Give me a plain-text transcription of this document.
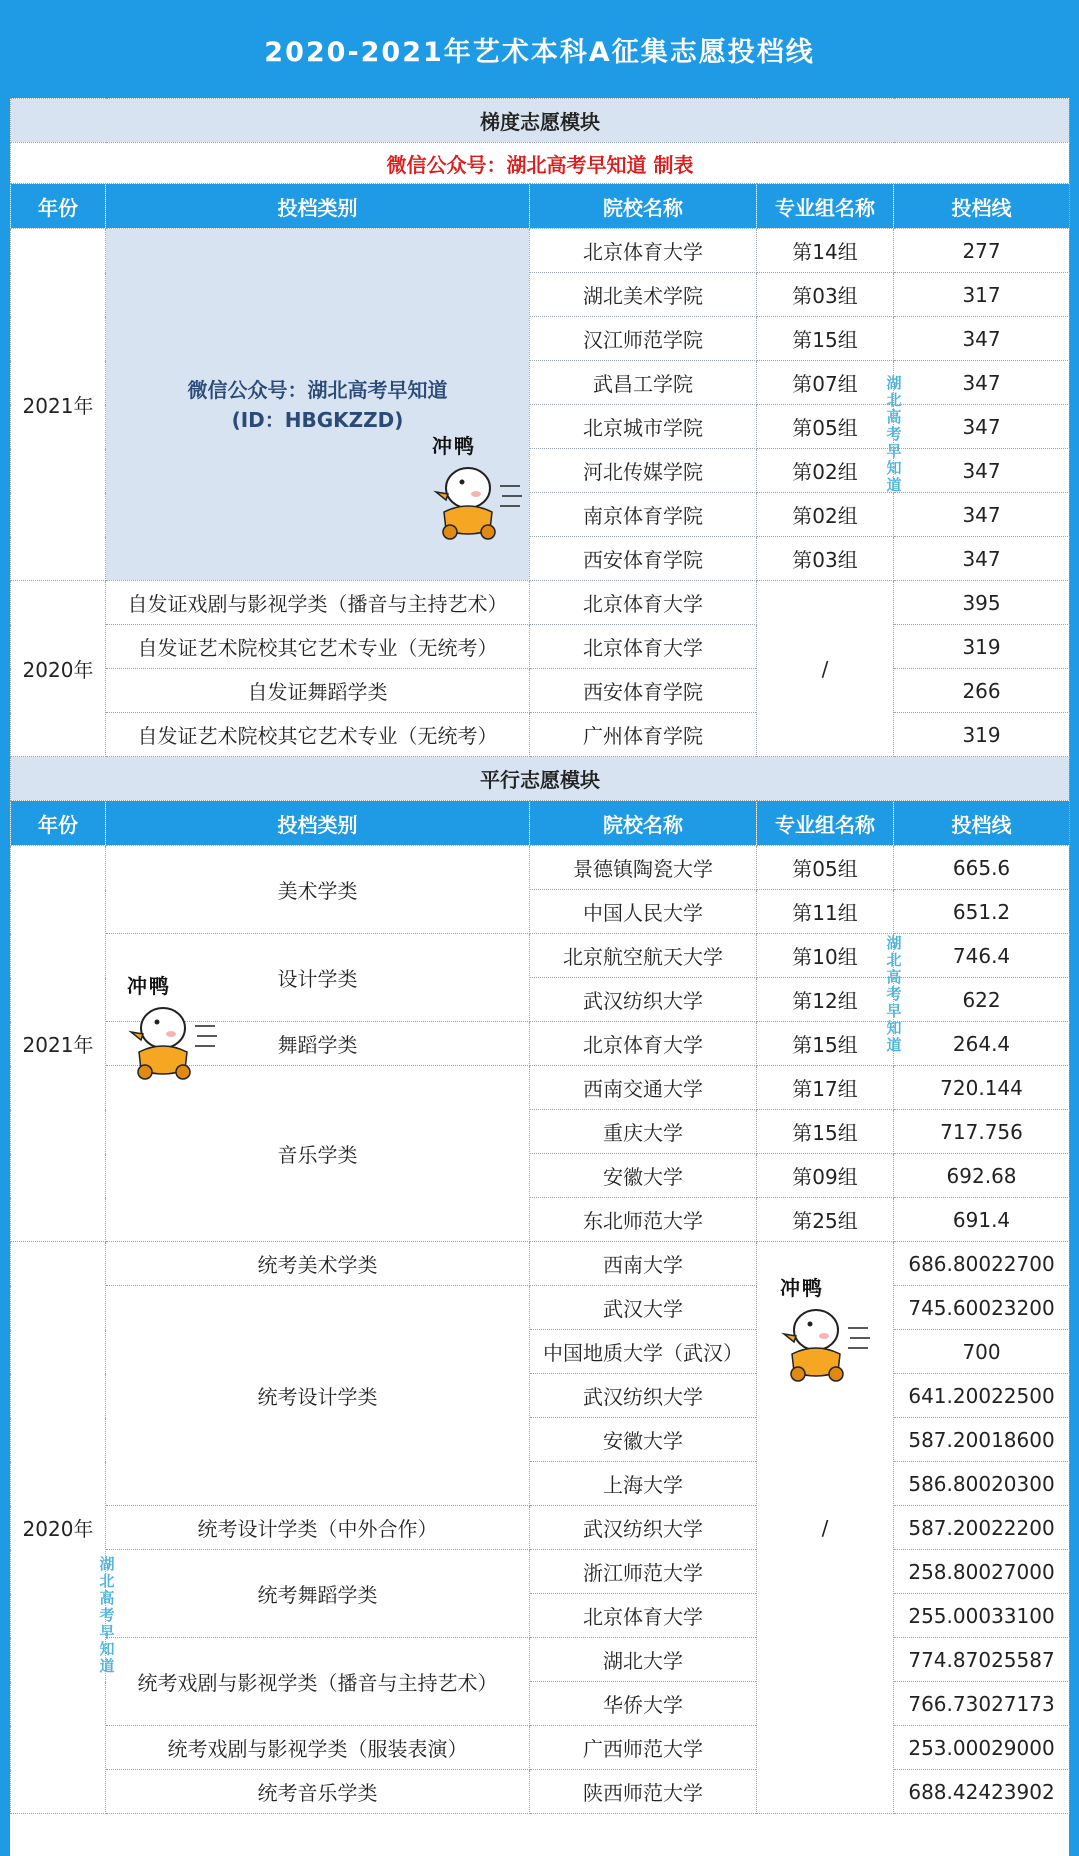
2020-2021年艺术本科A征集志愿投档线
梯度志愿模块				
微信公众号：湖北高考早知道 制表				
年份	投档类别	院校名称	专业组名称	投档线
2021年	微信公众号：湖北高考早知道
(ID：HBGKZZD)	北京体育大学	第14组	277
		湖北美术学院	第03组	317
		汉江师范学院	第15组	347
		武昌工学院	第07组	347
		北京城市学院	第05组	347
		河北传媒学院	第02组	347
		南京体育学院	第02组	347
		西安体育学院	第03组	347
2020年	自发证戏剧与影视学类（播音与主持艺术）	北京体育大学	/	395
	自发证艺术院校其它艺术专业（无统考）	北京体育大学		319
	自发证舞蹈学类	西安体育学院		266
	自发证艺术院校其它艺术专业（无统考）	广州体育学院		319
平行志愿模块				
年份	投档类别	院校名称	专业组名称	投档线
2021年	美术学类	景德镇陶瓷大学	第05组	665.6
		中国人民大学	第11组	651.2
	设计学类	北京航空航天大学	第10组	746.4
		武汉纺织大学	第12组	622
	舞蹈学类	北京体育大学	第15组	264.4
	音乐学类	西南交通大学	第17组	720.144
		重庆大学	第15组	717.756
		安徽大学	第09组	692.68
		东北师范大学	第25组	691.4
2020年	统考美术学类	西南大学	/	686.80022700
	统考设计学类	武汉大学		745.60023200
		中国地质大学（武汉）		700
		武汉纺织大学		641.20022500
		安徽大学		587.20018600
		上海大学		586.80020300
	统考设计学类（中外合作）	武汉纺织大学		587.20022200
	统考舞蹈学类	浙江师范大学		258.80027000
		北京体育大学		255.00033100
	统考戏剧与影视学类（播音与主持艺术）	湖北大学		774.87025587
		华侨大学		766.73027173
	统考戏剧与影视学类（服装表演）	广西师范大学		253.00029000
	统考音乐学类	陕西师范大学		688.42423902
冲鸭
冲鸭
冲鸭
湖北高考早知道
湖北高考早知道
湖北高考早知道
